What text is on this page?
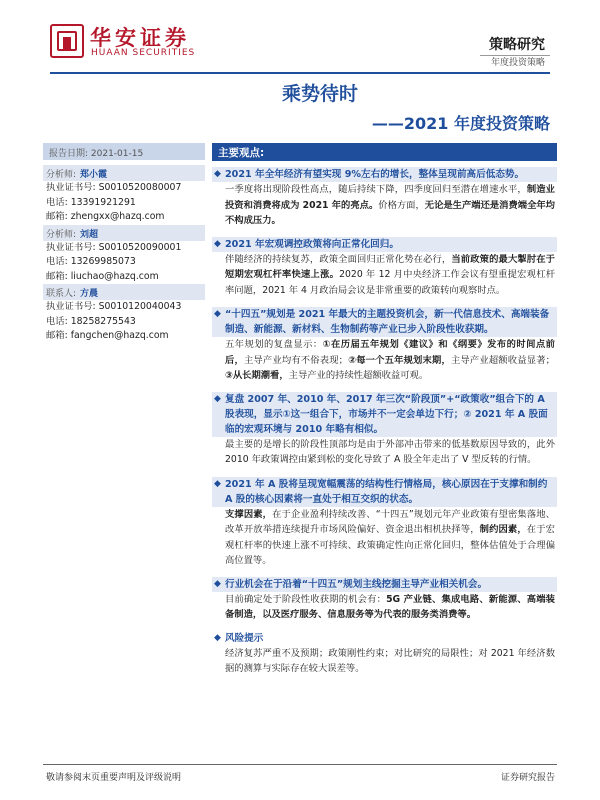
华安证券
HUAAN SECURITIES	策略研究
年度投资策略
乘势待时
——2021 年度投资策略
报告日期: 2021-01-15
分析师: 郑小霞
执业证书号: S0010520080007
电话: 13391921291
邮箱: zhengxx@hazq.com
分析师: 刘超
执业证书号: S0010520090001
电话: 13269985073
邮箱: liuchao@hazq.com
联系人: 方晨
执业证书号: S0010120040043
电话: 18258275543
邮箱: fangchen@hazq.com
主要观点:
◆ 2021 年全年经济有望实现 9%左右的增长，整体呈现前高后低态势。
一季度将出现阶段性高点，随后持续下降，四季度回归至潜在增速水平，制造业投资和消费将成为 2021 年的亮点。价格方面，无论是生产端还是消费端全年均不构成压力。
◆ 2021 年宏观调控政策将向正常化回归。
伴随经济的持续复苏，政策全面回归正常化势在必行，当前政策的最大掣肘在于短期宏观杠杆率快速上涨。2020 年 12 月中央经济工作会议有望重提宏观杠杆率问题，2021 年 4 月政治局会议是非常重要的政策转向观察时点。
◆ “十四五”规划是 2021 年最大的主题投资机会，新一代信息技术、高端装备制造、新能源、新材料、生物制药等产业已步入阶段性收获期。
五年规划的复盘显示：①在历届五年规划《建议》和《纲要》发布的时间点前后，主导产业均有不俗表现；②每一个五年规划末期，主导产业超额收益显著；③从长期潮看，主导产业的持续性超额收益可观。
◆ 复盘 2007 年、2010 年、2017 年三次“阶段顶”+“政策收”组合下的 A 股表现，显示①这一组合下，市场并不一定会单边下行；② 2021 年 A 股面临的宏观环境与 2010 年略有相似。
最主要的是增长的阶段性顶部均是由于外部冲击带来的低基数原因导致的，此外 2010 年政策调控由紧到松的变化导致了 A 股全年走出了 V 型反转的行情。
◆ 2021 年 A 股将呈现宽幅震荡的结构性行情格局，核心原因在于支撑和制约 A 股的核心因素将一直处于相互交织的状态。
支撑因素，在于企业盈利持续改善、“十四五”规划元年产业政策有望密集落地、改革开放举措连续提升市场风险偏好、资金退出相机抉择等，制约因素，在于宏观杠杆率的快速上涨不可持续、政策确定性向正常化回归，整体估值处于合理偏高位置等。
◆ 行业机会在于沿着“十四五”规划主线挖掘主导产业相关机会。
目前确定处于阶段性收获期的机会有：5G 产业链、集成电路、新能源、高端装备制造，以及医疗服务、信息服务等为代表的服务类消费等。
◆ 风险提示
经济复苏严重不及预期；政策刚性约束；对比研究的局限性；对 2021 年经济数据的测算与实际存在较大误差等。
敬请参阅末页重要声明及评级说明	证券研究报告
